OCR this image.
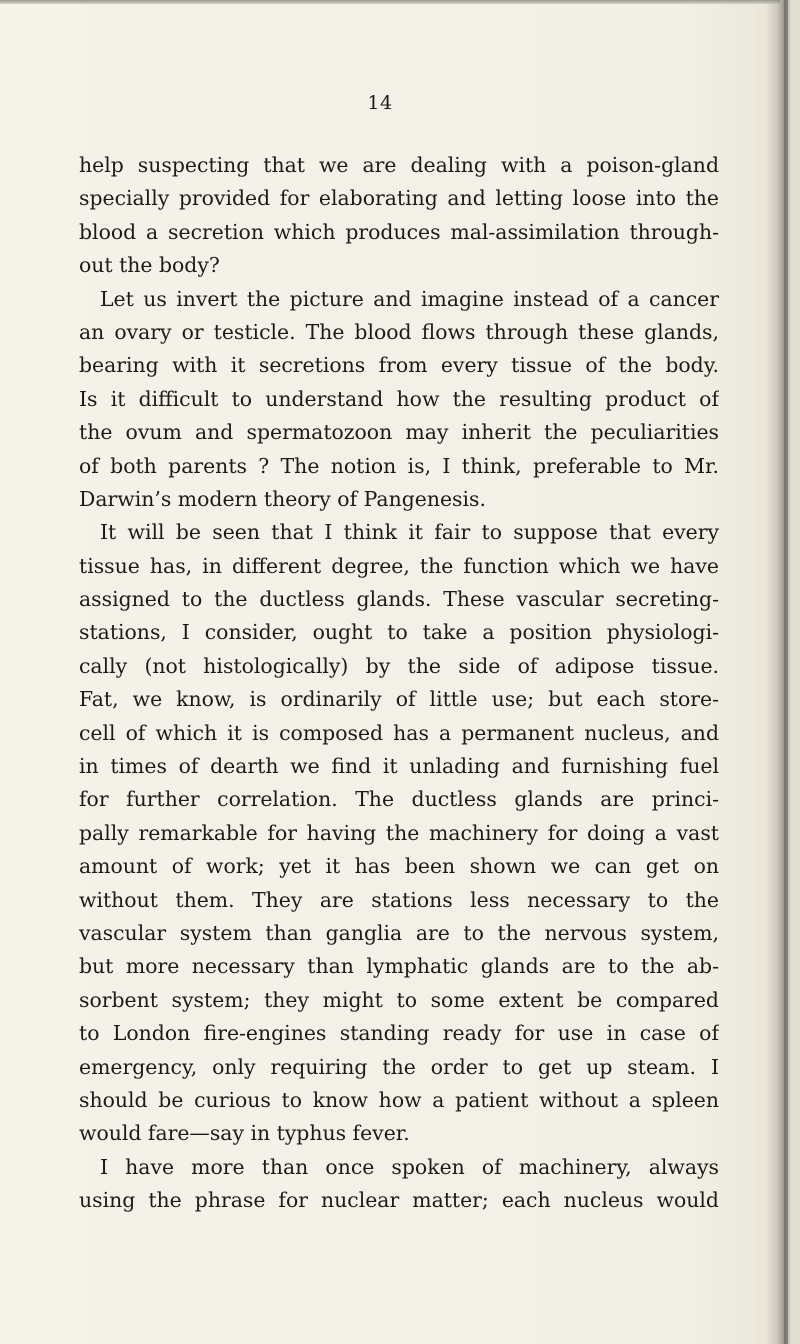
14
help suspecting that we are dealing with a poison-gland
specially provided for elaborating and letting loose into the
blood a secretion which produces mal-assimilation through-
out the body?
Let us invert the picture and imagine instead of a cancer
an ovary or testicle. The blood flows through these glands,
bearing with it secretions from every tissue of the body.
Is it difficult to understand how the resulting product of
the ovum and spermatozoon may inherit the peculiarities
of both parents ? The notion is, I think, preferable to Mr.
Darwin’s modern theory of Pangenesis.
It will be seen that I think it fair to suppose that every
tissue has, in different degree, the function which we have
assigned to the ductless glands. These vascular secreting-
stations, I consider, ought to take a position physiologi-
cally (not histologically) by the side of adipose tissue.
Fat, we know, is ordinarily of little use; but each store-
cell of which it is composed has a permanent nucleus, and
in times of dearth we find it unlading and furnishing fuel
for further correlation. The ductless glands are princi-
pally remarkable for having the machinery for doing a vast
amount of work; yet it has been shown we can get on
without them. They are stations less necessary to the
vascular system than ganglia are to the nervous system,
but more necessary than lymphatic glands are to the ab-
sorbent system; they might to some extent be compared
to London fire-engines standing ready for use in case of
emergency, only requiring the order to get up steam. I
should be curious to know how a patient without a spleen
would fare—say in typhus fever.
I have more than once spoken of machinery, always
using the phrase for nuclear matter; each nucleus would
